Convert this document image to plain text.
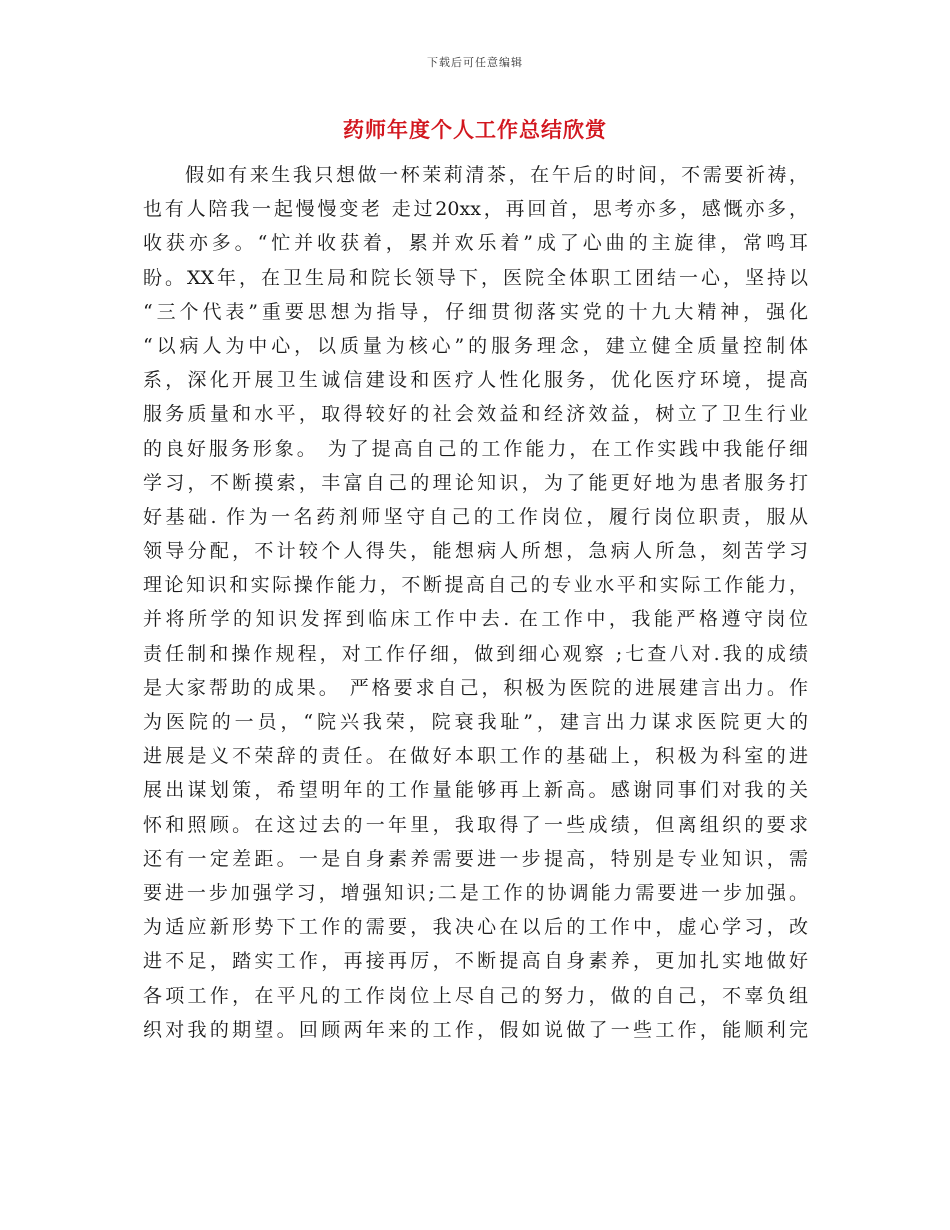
下载后可任意编辑
药师年度个人工作总结欣赏
假如有来生我只想做一杯茉莉清茶，在午后的时间，不需要祈祷，
也有人陪我一起慢慢变老 走过20xx，再回首，思考亦多，感慨亦多，
收获亦多。“忙并收获着，累并欢乐着”成了心曲的主旋律，常鸣耳
盼。XX年，在卫生局和院长领导下，医院全体职工团结一心，坚持以
“三个代表”重要思想为指导，仔细贯彻落实党的十九大精神，强化
“以病人为中心，以质量为核心”的服务理念，建立健全质量控制体
系，深化开展卫生诚信建设和医疗人性化服务，优化医疗环境，提高
服务质量和水平，取得较好的社会效益和经济效益，树立了卫生行业
的良好服务形象。 为了提高自己的工作能力，在工作实践中我能仔细
学习，不断摸索，丰富自己的理论知识，为了能更好地为患者服务打
好基础. 作为一名药剂师坚守自己的工作岗位，履行岗位职责，服从
领导分配，不计较个人得失，能想病人所想，急病人所急，刻苦学习
理论知识和实际操作能力，不断提高自己的专业水平和实际工作能力，
并将所学的知识发挥到临床工作中去. 在工作中，我能严格遵守岗位
责任制和操作规程，对工作仔细，做到细心观察 ;七查八对.我的成绩
是大家帮助的成果。 严格要求自己，积极为医院的进展建言出力。作
为医院的一员，“院兴我荣，院衰我耻”，建言出力谋求医院更大的
进展是义不荣辞的责任。在做好本职工作的基础上，积极为科室的进
展出谋划策，希望明年的工作量能够再上新高。感谢同事们对我的关
怀和照顾。在这过去的一年里，我取得了一些成绩，但离组织的要求
还有一定差距。一是自身素养需要进一步提高，特别是专业知识，需
要进一步加强学习，增强知识;二是工作的协调能力需要进一步加强。
为适应新形势下工作的需要，我决心在以后的工作中，虚心学习，改
进不足，踏实工作，再接再厉，不断提高自身素养，更加扎实地做好
各项工作，在平凡的工作岗位上尽自己的努力，做的自己，不辜负组
织对我的期望。回顾两年来的工作，假如说做了一些工作，能顺利完
